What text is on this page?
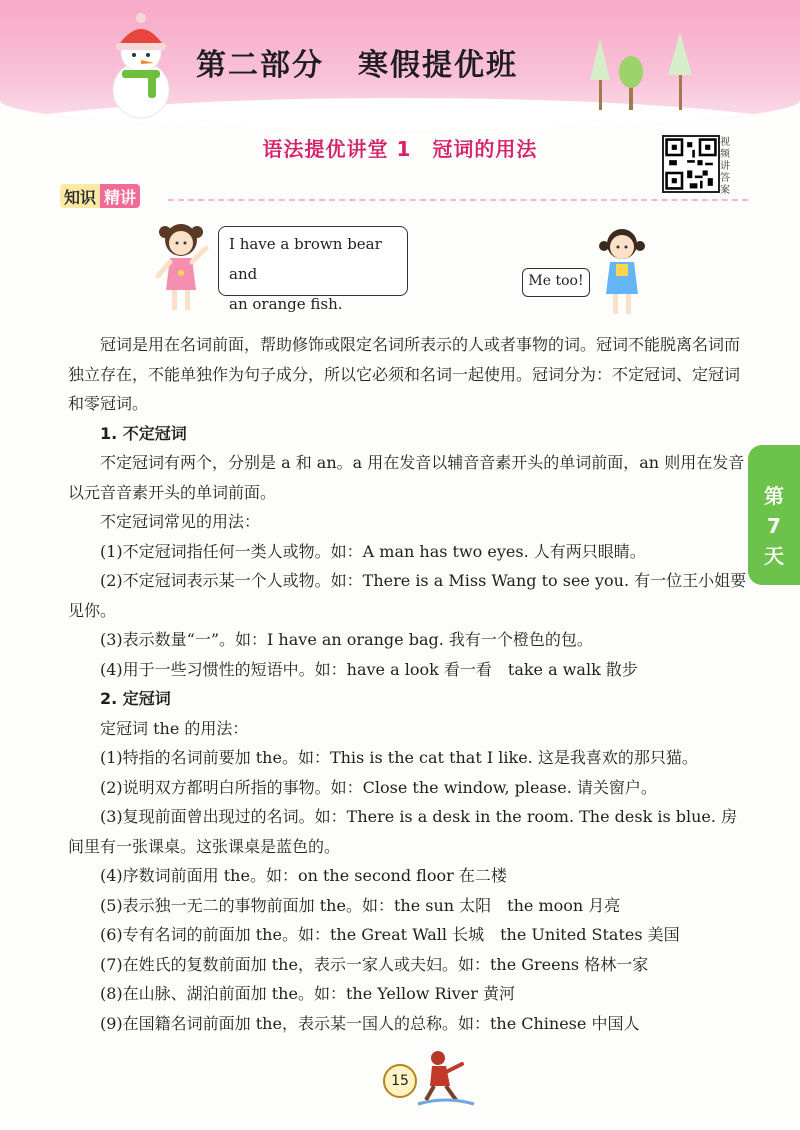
第二部分 寒假提优班
语法提优讲堂 1　冠词的用法	视频讲答案
知识 精讲
I have a brown bear and
an orange fish.
Me too!

冠词是用在名词前面，帮助修饰或限定名词所表示的人或者事物的词。冠词不能脱离名词而独立存在，不能单独作为句子成分，所以它必须和名词一起使用。冠词分为：不定冠词、定冠词和零冠词。

1. 不定冠词

不定冠词有两个，分别是 a 和 an。a 用在发音以辅音音素开头的单词前面，an 则用在发音以元音音素开头的单词前面。

不定冠词常见的用法：

(1)不定冠词指任何一类人或物。如：A man has two eyes. 人有两只眼睛。

(2)不定冠词表示某一个人或物。如：There is a Miss Wang to see you. 有一位王小姐要见你。

(3)表示数量“一”。如：I have an orange bag. 我有一个橙色的包。

(4)用于一些习惯性的短语中。如：have a look 看一看　take a walk 散步

2. 定冠词

定冠词 the 的用法：

(1)特指的名词前要加 the。如：This is the cat that I like. 这是我喜欢的那只猫。

(2)说明双方都明白所指的事物。如：Close the window, please. 请关窗户。

(3)复现前面曾出现过的名词。如：There is a desk in the room. The desk is blue. 房间里有一张课桌。这张课桌是蓝色的。

(4)序数词前面用 the。如：on the second floor 在二楼

(5)表示独一无二的事物前面加 the。如：the sun 太阳　the moon 月亮

(6)专有名词的前面加 the。如：the Great Wall 长城　the United States 美国

(7)在姓氏的复数前面加 the，表示一家人或夫妇。如：the Greens 格林一家

(8)在山脉、湖泊前面加 the。如：the Yellow River 黄河

(9)在国籍名词前面加 the，表示某一国人的总称。如：the Chinese 中国人

第
7
天
15
